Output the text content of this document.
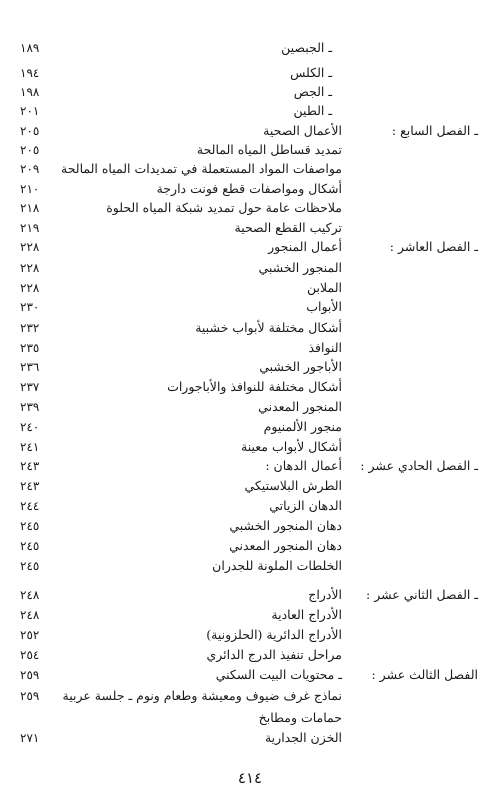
١٨٩	ـ الجبصين
١٩٤	ـ الكلس
١٩٨	ـ الجص
٢٠١	ـ الطين
٢٠٥	الأعمال الصحية	ـ الفصل السابع :
٢٠٥	تمديد قساطل المياه المالحة
٢٠٩	مواصفات المواد المستعملة في تمديدات المياه المالحة
٢١٠	أشكال ومواصفات قطع فونت دارجة
٢١٨	ملاحظات عامة حول تمديد شبكة المياه الحلوة
٢١٩	تركيب القطع الصحية
٢٢٨	أعمال المنجور	ـ الفصل العاشر :
٢٢٨	المنجور الخشبي
٢٢٨	الملابن
٢٣٠	الأبواب
٢٣٢	أشكال مختلفة لأبواب خشبية
٢٣٥	النوافذ
٢٣٦	الأباجور الخشبي
٢٣٧	أشكال مختلفة للنوافذ والأباجورات
٢٣٩	المنجور المعدني
٢٤٠	منجور الألمنيوم
٢٤١	أشكال لأبواب معينة
٢٤٣	أعمال الدهان : ـ الفصل الحادي عشر :
٢٤٣	الطرش البلاستيكي
٢٤٤	الدهان الزياتي
٢٤٥	دهان المنجور الخشبي
٢٤٥	دهان المنجور المعدني
٢٤٥	الخلطات الملونة للجدران
٢٤٨	الأدراج ـ الفصل الثاني عشر :
٢٤٨	الأدراج العادية
٢٥٢	الأدراج الدائرية (الحلزونية)
٢٥٤	مراحل تنفيذ الدرج الدائري
٢٥٩	ـ محتويات البيت السكني الفصل الثالث عشر :
٢٥٩	نماذج غرف ضيوف ومعيشة وطعام ونوم ـ جلسة عربية
حمامات ومطابخ
٢٧١	الخزن الجدارية
٤١٤
